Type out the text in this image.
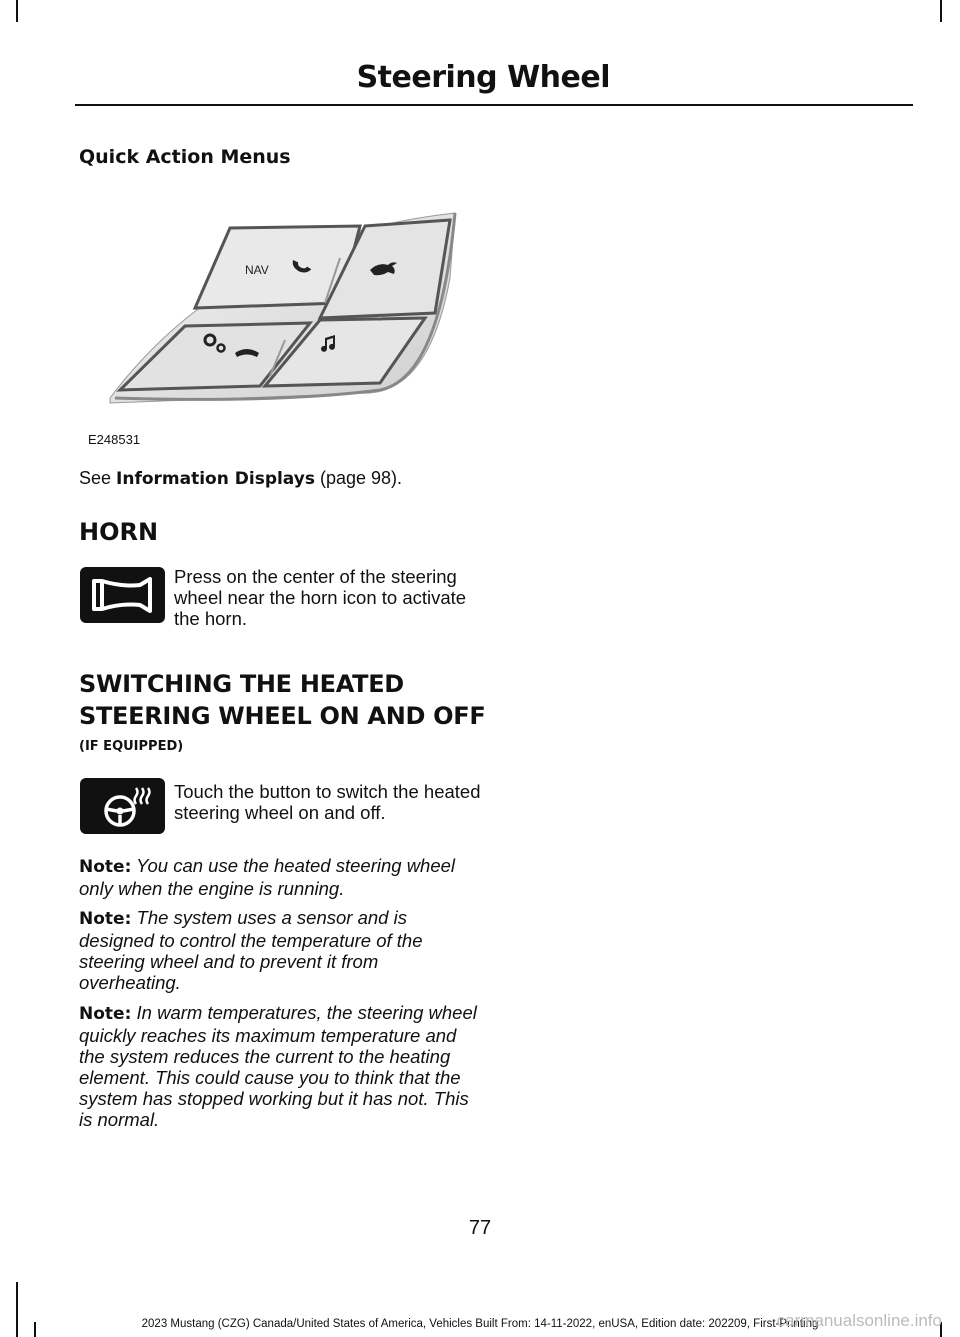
Steering Wheel
Quick Action Menus
NAV
E248531
See Information Displays (page 98).
HORN
Press on the center of the steering wheel near the horn icon to activate the horn.
SWITCHING THE HEATED
STEERING WHEEL ON AND OFF
(IF EQUIPPED)
Touch the button to switch the heated steering wheel on and off.
Note: You can use the heated steering wheel only when the engine is running.
Note: The system uses a sensor and is designed to control the temperature of the steering wheel and to prevent it from overheating.
Note: In warm temperatures, the steering wheel quickly reaches its maximum temperature and the system reduces the current to the heating element. This could cause you to think that the system has stopped working but it has not. This is normal.
77
2023 Mustang (CZG) Canada/United States of America, Vehicles Built From: 14-11-2022, enUSA, Edition date: 202209, First-Printing
carmanualsonline.info
